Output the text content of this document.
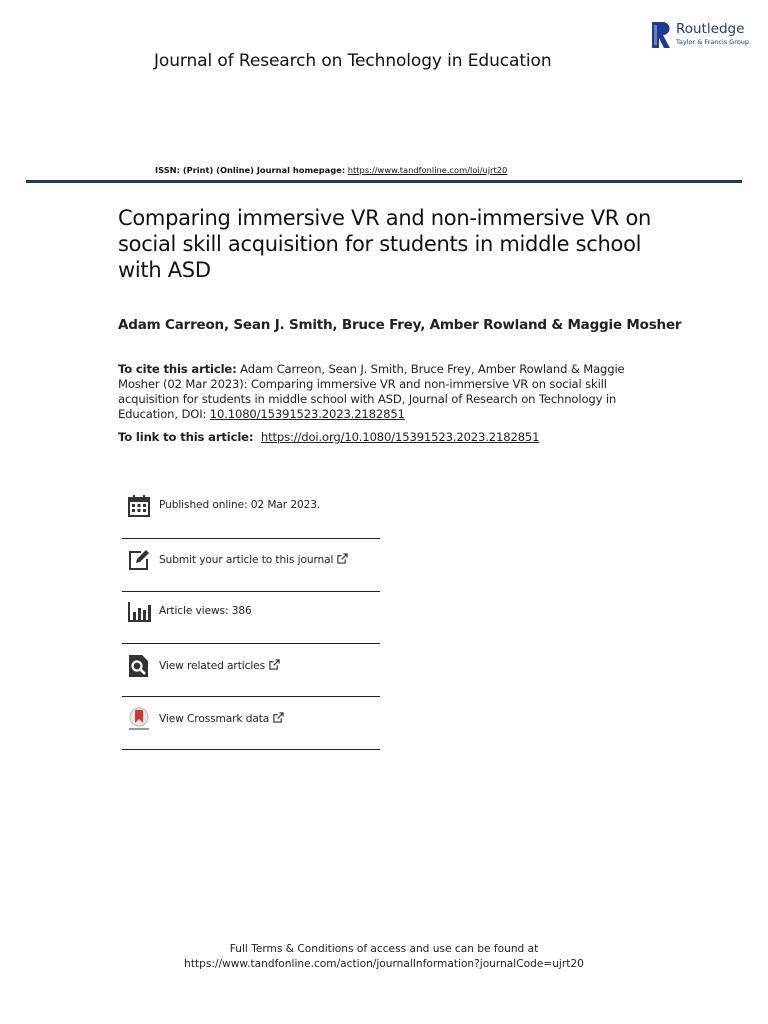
Routledge
Taylor & Francis Group
Journal of Research on Technology in Education
ISSN: (Print) (Online) Journal homepage: https://www.tandfonline.com/loi/ujrt20
Comparing immersive VR and non-immersive VR on social skill acquisition for students in middle school with ASD
Adam Carreon, Sean J. Smith, Bruce Frey, Amber Rowland & Maggie Mosher
To cite this article: Adam Carreon, Sean J. Smith, Bruce Frey, Amber Rowland & Maggie Mosher (02 Mar 2023): Comparing immersive VR and non-immersive VR on social skill acquisition for students in middle school with ASD, Journal of Research on Technology in Education, DOI: 10.1080/15391523.2023.2182851
To link to this article: https://doi.org/10.1080/15391523.2023.2182851
Published online: 02 Mar 2023.
Submit your article to this journal
Article views: 386
View related articles
View Crossmark data
Full Terms & Conditions of access and use can be found at
https://www.tandfonline.com/action/journalInformation?journalCode=ujrt20
